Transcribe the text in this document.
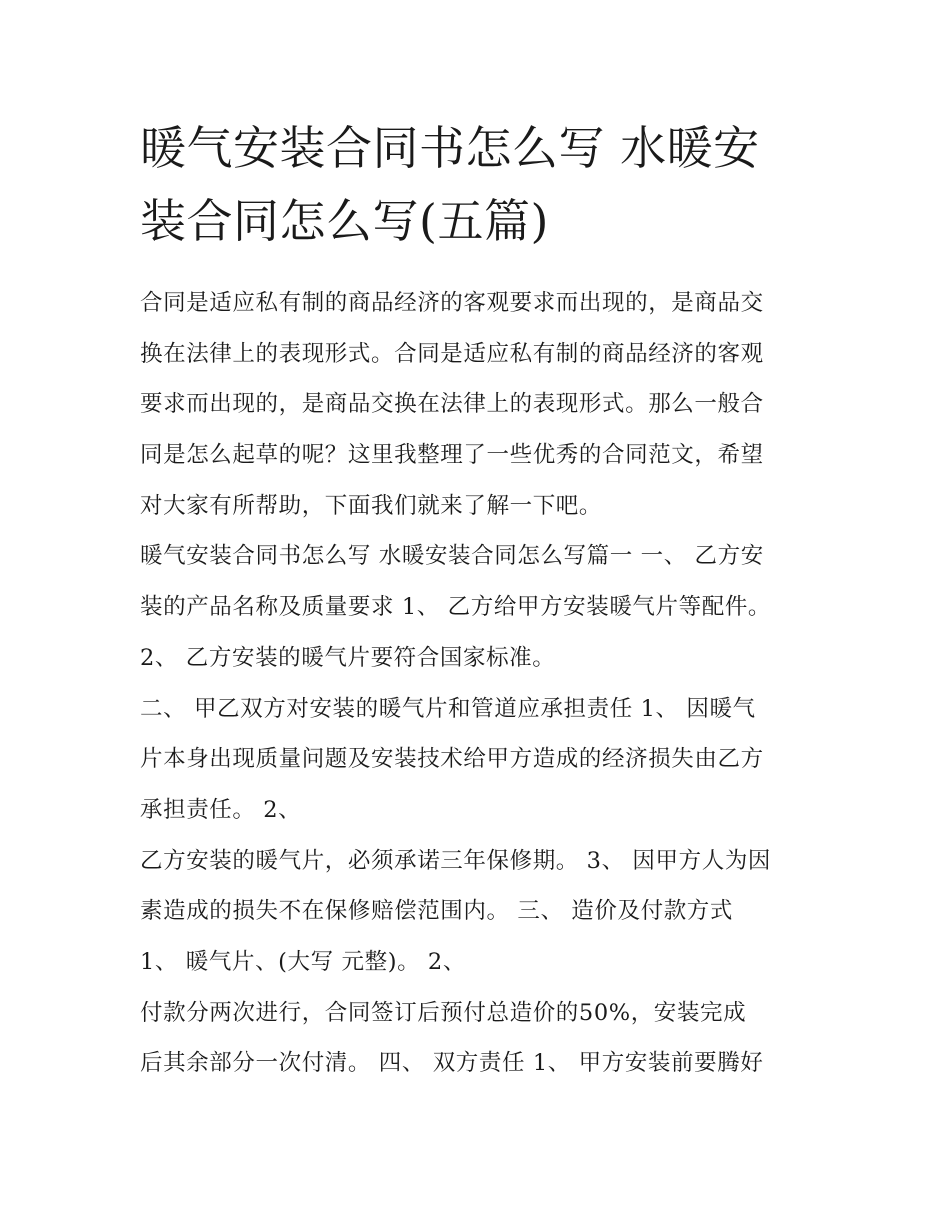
暖气安装合同书怎么写 水暖安
装合同怎么写(五篇)
合同是适应私有制的商品经济的客观要求而出现的，是商品交
换在法律上的表现形式。合同是适应私有制的商品经济的客观
要求而出现的，是商品交换在法律上的表现形式。那么一般合
同是怎么起草的呢？这里我整理了一些优秀的合同范文，希望
对大家有所帮助，下面我们就来了解一下吧。
暖气安装合同书怎么写 水暖安装合同怎么写篇一 一、 乙方安
装的产品名称及质量要求 1、 乙方给甲方安装暖气片等配件。
2、 乙方安装的暖气片要符合国家标准。
二、 甲乙双方对安装的暖气片和管道应承担责任 1、 因暖气
片本身出现质量问题及安装技术给甲方造成的经济损失由乙方
承担责任。 2、
乙方安装的暖气片，必须承诺三年保修期。 3、 因甲方人为因
素造成的损失不在保修赔偿范围内。 三、 造价及付款方式
1、 暖气片、(大写 元整)。 2、
付款分两次进行，合同签订后预付总造价的50%，安装完成
后其余部分一次付清。 四、 双方责任 1、 甲方安装前要腾好
